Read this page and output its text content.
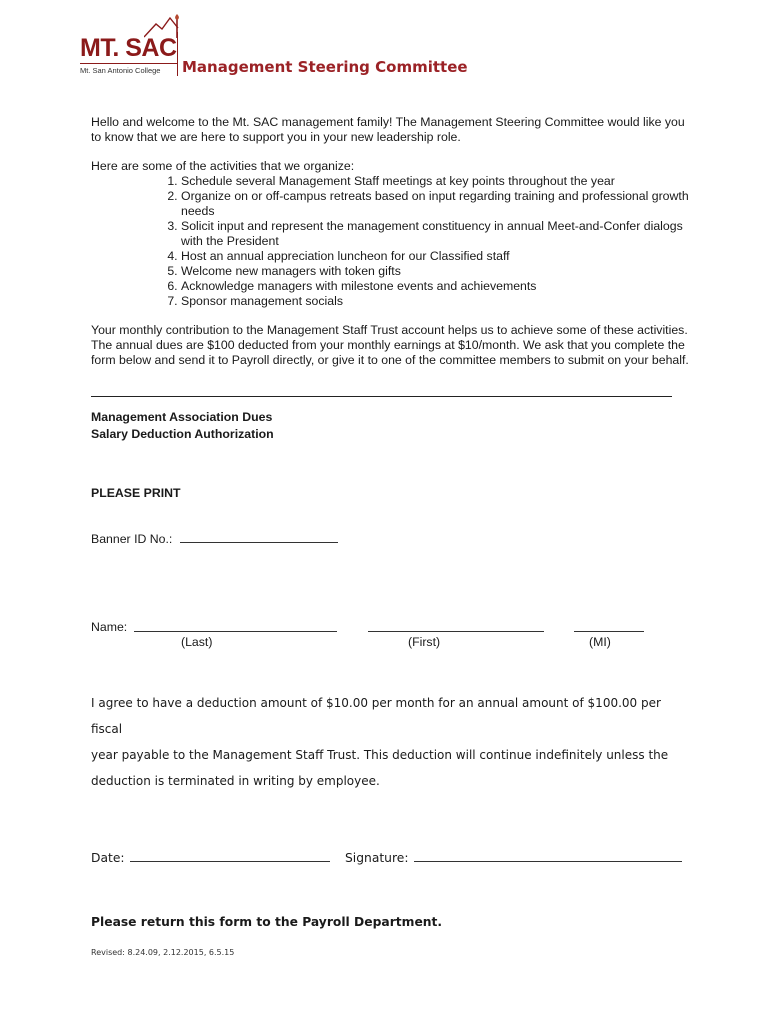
MT. SAC
Mt. San Antonio College Management Steering Committee
Hello and welcome to the Mt. SAC management family! The Management Steering Committee would like you to know that we are here to support you in your new leadership role.
Here are some of the activities that we organize:
1. Schedule several Management Staff meetings at key points throughout the year
2. Organize on or off-campus retreats based on input regarding training and professional growth needs
3. Solicit input and represent the management constituency in annual Meet-and-Confer dialogs with the President
4. Host an annual appreciation luncheon for our Classified staff
5. Welcome new managers with token gifts
6. Acknowledge managers with milestone events and achievements
7. Sponsor management socials
Your monthly contribution to the Management Staff Trust account helps us to achieve some of these activities. The annual dues are $100 deducted from your monthly earnings at $10/month. We ask that you complete the form below and send it to Payroll directly, or give it to one of the committee members to submit on your behalf.
Management Association Dues
Salary Deduction Authorization
PLEASE PRINT
Banner ID No.:
Name:
(Last)	(First)	(MI)
I agree to have a deduction amount of $10.00 per month for an annual amount of $100.00 per fiscal
year payable to the Management Staff Trust. This deduction will continue indefinitely unless the
deduction is terminated in writing by employee.
Date:	Signature:
Please return this form to the Payroll Department.
Revised: 8.24.09, 2.12.2015, 6.5.15
